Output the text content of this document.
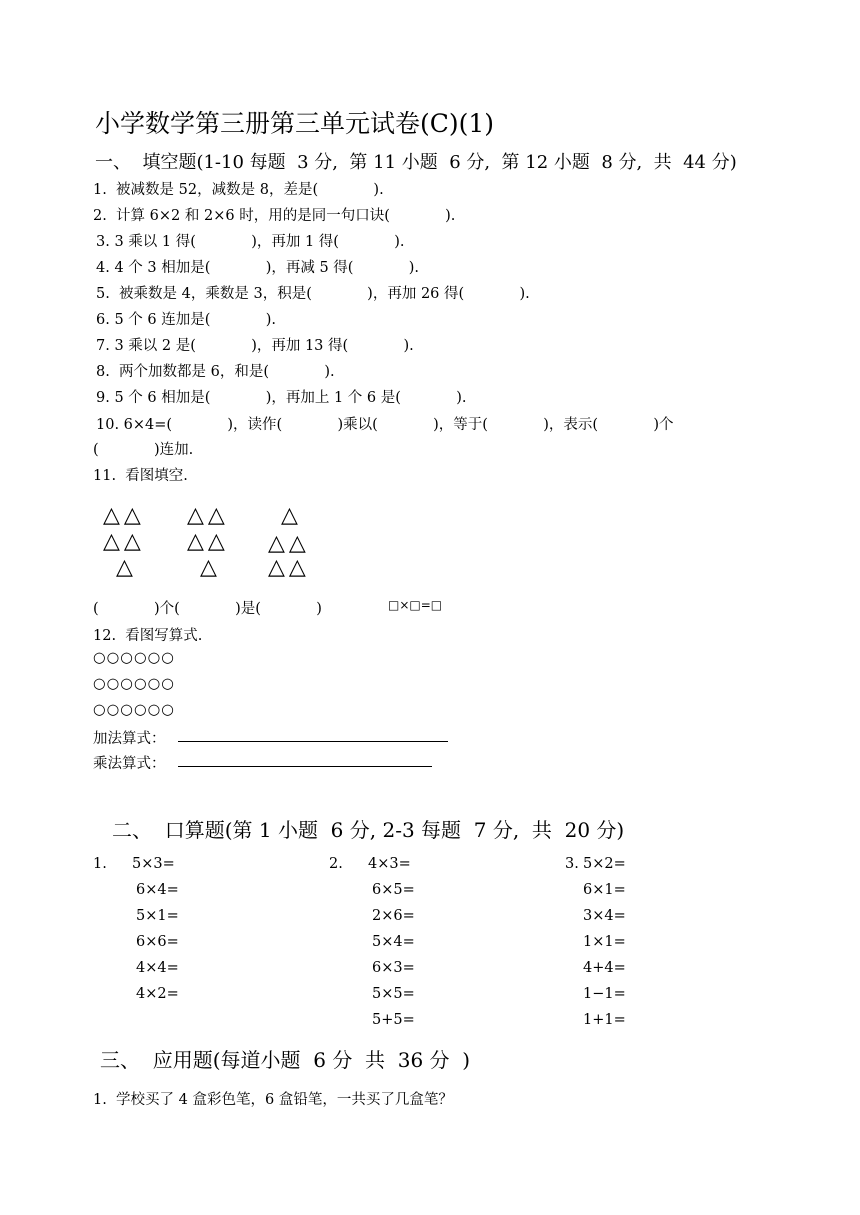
小学数学第三册第三单元试卷(C)(1)
一、  填空题(1-10 每题  3 分,  第 11 小题  6 分,  第 12 小题  8 分,  共  44 分)
1.  被减数是 52，减数是 8，差是(            ).
2.  计算 6×2 和 2×6 时，用的是同一句口诀(            ).
3. 3 乘以 1 得(            )，再加 1 得(            ).
4. 4 个 3 相加是(            )，再减 5 得(            ).
5.  被乘数是 4，乘数是 3，积是(            )，再加 26 得(            ).
6. 5 个 6 连加是(            ).
7. 3 乘以 2 是(            )，再加 13 得(            ).
8.  两个加数都是 6，和是(            ).
9. 5 个 6 相加是(            )，再加上 1 个 6 是(            ).
10. 6×4=(            )，读作(            )乘以(            )，等于(            )，表示(            )个
(            )连加.
11.  看图填空.
△ △
△ △
△
△ △
△ △
△
△
△ △
△ △
(            )个(            )是(            )	□×□=□
12.  看图写算式.
○○○○○○
○○○○○○
○○○○○○
加法算式：
乘法算式：
二、  口算题(第 1 小题  6 分, 2-3 每题  7 分,  共  20 分)
1. 5×3=
6×4=
5×1=
6×6=
4×4=
4×2=
2. 4×3=
6×5=
2×6=
5×4=
6×3=
5×5=
5+5=
3. 5×2=
6×1=
3×4=
1×1=
4+4=
1−1=
1+1=
三、  应用题(每道小题  6 分  共  36 分  )
1.  学校买了 4 盒彩色笔，6 盒铅笔，一共买了几盒笔？
